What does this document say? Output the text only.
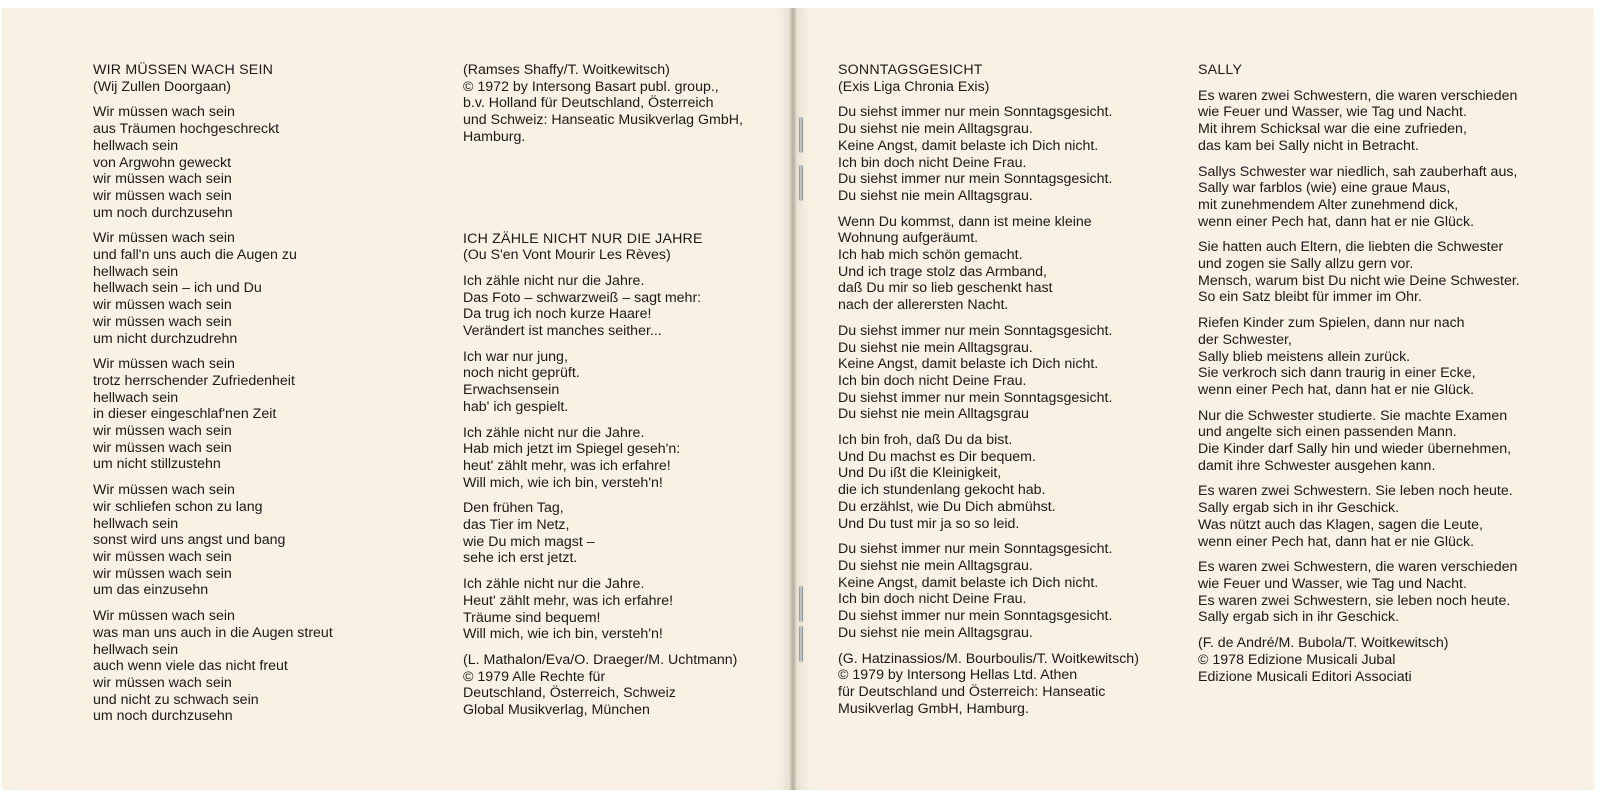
WIR MÜSSEN WACH SEIN
(Wij Zullen Doorgaan)
Wir müssen wach sein
aus Träumen hochgeschreckt
hellwach sein
von Argwohn geweckt
wir müssen wach sein
wir müssen wach sein
um noch durchzusehn
Wir müssen wach sein
und fall'n uns auch die Augen zu
hellwach sein
hellwach sein – ich und Du
wir müssen wach sein
wir müssen wach sein
um nicht durchzudrehn
Wir müssen wach sein
trotz herrschender Zufriedenheit
hellwach sein
in dieser eingeschlaf'nen Zeit
wir müssen wach sein
wir müssen wach sein
um nicht stillzustehn
Wir müssen wach sein
wir schliefen schon zu lang
hellwach sein
sonst wird uns angst und bang
wir müssen wach sein
wir müssen wach sein
um das einzusehn
Wir müssen wach sein
was man uns auch in die Augen streut
hellwach sein
auch wenn viele das nicht freut
wir müssen wach sein
und nicht zu schwach sein
um noch durchzusehn
(Ramses Shaffy/T. Woitkewitsch)
© 1972 by Intersong Basart publ. group.,
b.v. Holland für Deutschland, Österreich
und Schweiz: Hanseatic Musikverlag GmbH,
Hamburg.
ICH ZÄHLE NICHT NUR DIE JAHRE
(Ou S'en Vont Mourir Les Rèves)
Ich zähle nicht nur die Jahre.
Das Foto – schwarzweiß – sagt mehr:
Da trug ich noch kurze Haare!
Verändert ist manches seither...
Ich war nur jung,
noch nicht geprüft.
Erwachsensein
hab' ich gespielt.
Ich zähle nicht nur die Jahre.
Hab mich jetzt im Spiegel geseh'n:
heut' zählt mehr, was ich erfahre!
Will mich, wie ich bin, versteh'n!
Den frühen Tag,
das Tier im Netz,
wie Du mich magst –
sehe ich erst jetzt.
Ich zähle nicht nur die Jahre.
Heut' zählt mehr, was ich erfahre!
Träume sind bequem!
Will mich, wie ich bin, versteh'n!
(L. Mathalon/Eva/O. Draeger/M. Uchtmann)
© 1979 Alle Rechte für
Deutschland, Österreich, Schweiz
Global Musikverlag, München
SONNTAGSGESICHT
(Exis Liga Chronia Exis)
Du siehst immer nur mein Sonntagsgesicht.
Du siehst nie mein Alltagsgrau.
Keine Angst, damit belaste ich Dich nicht.
Ich bin doch nicht Deine Frau.
Du siehst immer nur mein Sonntagsgesicht.
Du siehst nie mein Alltagsgrau.
Wenn Du kommst, dann ist meine kleine
Wohnung aufgeräumt.
Ich hab mich schön gemacht.
Und ich trage stolz das Armband,
daß Du mir so lieb geschenkt hast
nach der allerersten Nacht.
Du siehst immer nur mein Sonntagsgesicht.
Du siehst nie mein Alltagsgrau.
Keine Angst, damit belaste ich Dich nicht.
Ich bin doch nicht Deine Frau.
Du siehst immer nur mein Sonntagsgesicht.
Du siehst nie mein Alltagsgrau
Ich bin froh, daß Du da bist.
Und Du machst es Dir bequem.
Und Du ißt die Kleinigkeit,
die ich stundenlang gekocht hab.
Du erzählst, wie Du Dich abmühst.
Und Du tust mir ja so so leid.
Du siehst immer nur mein Sonntagsgesicht.
Du siehst nie mein Alltagsgrau.
Keine Angst, damit belaste ich Dich nicht.
Ich bin doch nicht Deine Frau.
Du siehst immer nur mein Sonntagsgesicht.
Du siehst nie mein Alltagsgrau.
(G. Hatzinassios/M. Bourboulis/T. Woitkewitsch)
© 1979 by Intersong Hellas Ltd. Athen
für Deutschland und Österreich: Hanseatic
Musikverlag GmbH, Hamburg.
SALLY
Es waren zwei Schwestern, die waren verschieden
wie Feuer und Wasser, wie Tag und Nacht.
Mit ihrem Schicksal war die eine zufrieden,
das kam bei Sally nicht in Betracht.
Sallys Schwester war niedlich, sah zauberhaft aus,
Sally war farblos (wie) eine graue Maus,
mit zunehmendem Alter zunehmend dick,
wenn einer Pech hat, dann hat er nie Glück.
Sie hatten auch Eltern, die liebten die Schwester
und zogen sie Sally allzu gern vor.
Mensch, warum bist Du nicht wie Deine Schwester.
So ein Satz bleibt für immer im Ohr.
Riefen Kinder zum Spielen, dann nur nach
der Schwester,
Sally blieb meistens allein zurück.
Sie verkroch sich dann traurig in einer Ecke,
wenn einer Pech hat, dann hat er nie Glück.
Nur die Schwester studierte. Sie machte Examen
und angelte sich einen passenden Mann.
Die Kinder darf Sally hin und wieder übernehmen,
damit ihre Schwester ausgehen kann.
Es waren zwei Schwestern. Sie leben noch heute.
Sally ergab sich in ihr Geschick.
Was nützt auch das Klagen, sagen die Leute,
wenn einer Pech hat, dann hat er nie Glück.
Es waren zwei Schwestern, die waren verschieden
wie Feuer und Wasser, wie Tag und Nacht.
Es waren zwei Schwestern, sie leben noch heute.
Sally ergab sich in ihr Geschick.
(F. de André/M. Bubola/T. Woitkewitsch)
© 1978 Edizione Musicali Jubal
Edizione Musicali Editori Associati
